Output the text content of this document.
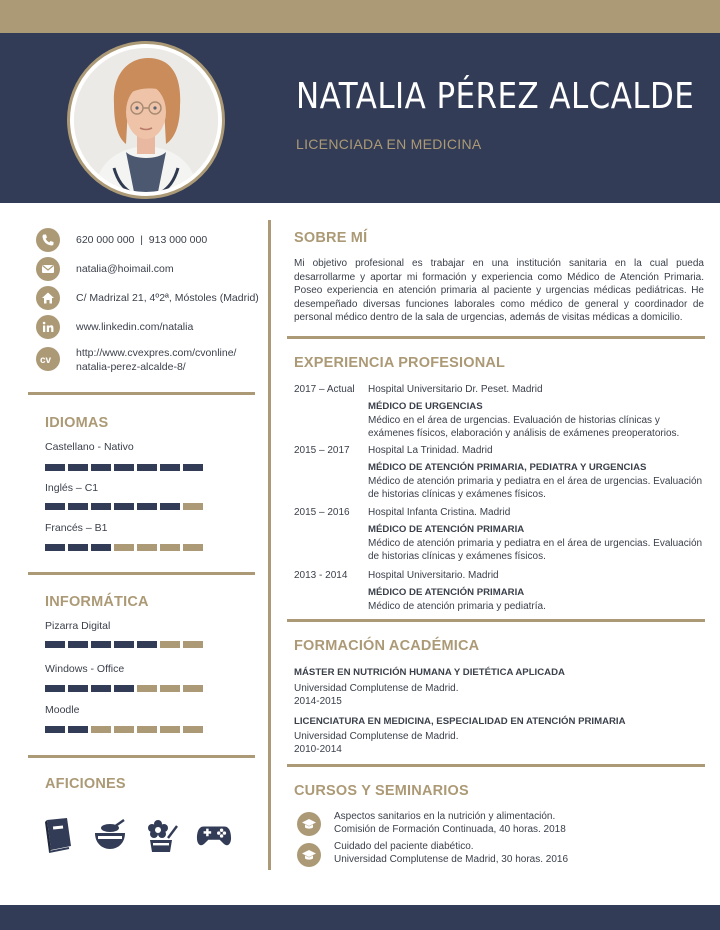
NATALIA PÉREZ ALCALDE
LICENCIADA EN MEDICINA
620 000 000  |  913 000 000
natalia@hoimail.com
C/ Madrizal 21, 4º2ª, Móstoles (Madrid)
www.linkedin.com/natalia
cv
http://www.cvexpres.com/cvonline/
natalia-perez-alcalde-8/
IDIOMAS
Castellano - Nativo
Inglés – C1
Francés – B1
INFORMÁTICA
Pizarra Digital
Windows - Office
Moodle
AFICIONES
SOBRE MÍ
Mi objetivo profesional es trabajar en una institución sanitaria en la cual pueda desarrollarme y aportar mi formación y experiencia como Médico de Atención Primaria. Poseo experiencia en atención primaria al paciente y urgencias médicas pediátricas. He desempeñado diversas funciones laborales como médico de general y coordinador de personal médico dentro de la sala de urgencias, además de visitas médicas a domicilio.
EXPERIENCIA PROFESIONAL
2017 – Actual Hospital Universitario Dr. Peset. Madrid
MÉDICO DE URGENCIAS
Médico en el área de urgencias. Evaluación de historias clínicas y exámenes físicos, elaboración y análisis de exámenes preoperatorios.
2015 – 2017 Hospital La Trinidad. Madrid
MÉDICO DE ATENCIÓN PRIMARIA, PEDIATRA Y URGENCIAS
Médico de atención primaria y pediatra en el área de urgencias. Evaluación de historias clínicas y exámenes físicos.
2015 – 2016 Hospital Infanta Cristina. Madrid
MÉDICO DE ATENCIÓN PRIMARIA
Médico de atención primaria y pediatra en el área de urgencias. Evaluación de historias clínicas y exámenes físicos.
2013 - 2014 Hospital Universitario. Madrid
MÉDICO DE ATENCIÓN PRIMARIA
Médico de atención primaria y pediatría.
FORMACIÓN ACADÉMICA
MÁSTER EN NUTRICIÓN HUMANA Y DIETÉTICA APLICADA
Universidad Complutense de Madrid.
2014-2015
LICENCIATURA EN MEDICINA, ESPECIALIDAD EN ATENCIÓN PRIMARIA
Universidad Complutense de Madrid.
2010-2014
CURSOS Y SEMINARIOS
Aspectos sanitarios en la nutrición y alimentación.
Comisión de Formación Continuada, 40 horas. 2018
Cuidado del paciente diabético.
Universidad Complutense de Madrid, 30 horas. 2016
